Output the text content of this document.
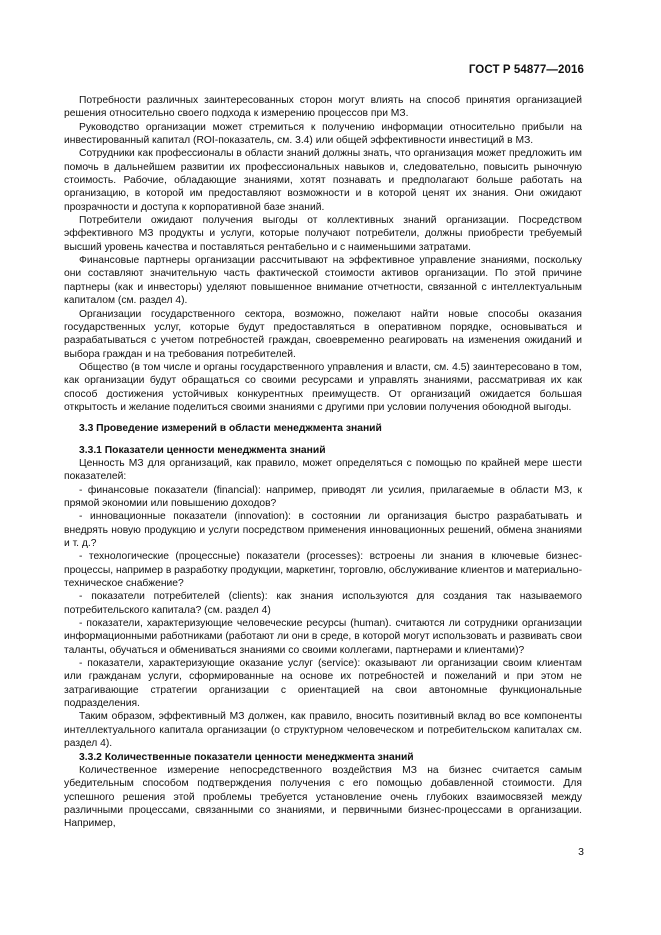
ГОСТ Р 54877—2016

Потребности различных заинтересованных сторон могут влиять на способ принятия организацией решения относительно своего подхода к измерению процессов при МЗ.

Руководство организации может стремиться к получению информации относительно прибыли на инвестированный капитал (ROI-показатель, см. 3.4) или общей эффективности инвестиций в МЗ.

Сотрудники как профессионалы в области знаний должны знать, что организация может предложить им помочь в дальнейшем развитии их профессиональных навыков и, следовательно, повысить рыночную стоимость. Рабочие, обладающие знаниями, хотят познавать и предполагают больше работать на организацию, в которой им предоставляют возможности и в которой ценят их знания. Они ожидают прозрачности и доступа к корпоративной базе знаний.

Потребители ожидают получения выгоды от коллективных знаний организации. Посредством эффективного МЗ продукты и услуги, которые получают потребители, должны приобрести требуемый высший уровень качества и поставляться рентабельно и с наименьшими затратами.

Финансовые партнеры организации рассчитывают на эффективное управление знаниями, поскольку они составляют значительную часть фактической стоимости активов организации. По этой причине партнеры (как и инвесторы) уделяют повышенное внимание отчетности, связанной с интеллектуальным капиталом (см. раздел 4).

Организации государственного сектора, возможно, пожелают найти новые способы оказания государственных услуг, которые будут предоставляться в оперативном порядке, основываться и разрабатываться с учетом потребностей граждан, своевременно реагировать на изменения ожиданий и выбора граждан и на требования потребителей.

Общество (в том числе и органы государственного управления и власти, см. 4.5) заинтересовано в том, как организации будут обращаться со своими ресурсами и управлять знаниями, рассматривая их как способ достижения устойчивых конкурентных преимуществ. От организаций ожидается большая открытость и желание поделиться своими знаниями с другими при условии получения обоюдной выгоды.

3.3 Проведение измерений в области менеджмента знаний
3.3.1 Показатели ценности менеджмента знаний

Ценность МЗ для организаций, как правило, может определяться с помощью по крайней мере шести показателей:

- финансовые показатели (financial): например, приводят ли усилия, прилагаемые в области МЗ, к прямой экономии или повышению доходов?

- инновационные показатели (innovation): в состоянии ли организация быстро разрабатывать и внедрять новую продукцию и услуги посредством применения инновационных решений, обмена знаниями и т. д.?

- технологические (процессные) показатели (processes): встроены ли знания в ключевые бизнес-процессы, например в разработку продукции, маркетинг, торговлю, обслуживание клиентов и материально-техническое снабжение?

- показатели потребителей (clients): как знания используются для создания так называемого потребительского капитала? (см. раздел 4)

- показатели, характеризующие человеческие ресурсы (human). считаются ли сотрудники организации информационными работниками (работают ли они в среде, в которой могут использовать и развивать свои таланты, обучаться и обмениваться знаниями со своими коллегами, партнерами и клиентами)?

- показатели, характеризующие оказание услуг (service): оказывают ли организации своим клиентам или гражданам услуги, сформированные на основе их потребностей и пожеланий и при этом не затрагивающие стратегии организации с ориентацией на свои автономные функциональные подразделения.

Таким образом, эффективный МЗ должен, как правило, вносить позитивный вклад во все компоненты интеллектуального капитала организации (о структурном человеческом и потребительском капиталах см. раздел 4).

3.3.2 Количественные показатели ценности менеджмента знаний

Количественное измерение непосредственного воздействия МЗ на бизнес считается самым убедительным способом подтверждения получения с его помощью добавленной стоимости. Для успешного решения этой проблемы требуется установление очень глубоких взаимосвязей между различными процессами, связанными со знаниями, и первичными бизнес-процессами в организации. Например,

3
